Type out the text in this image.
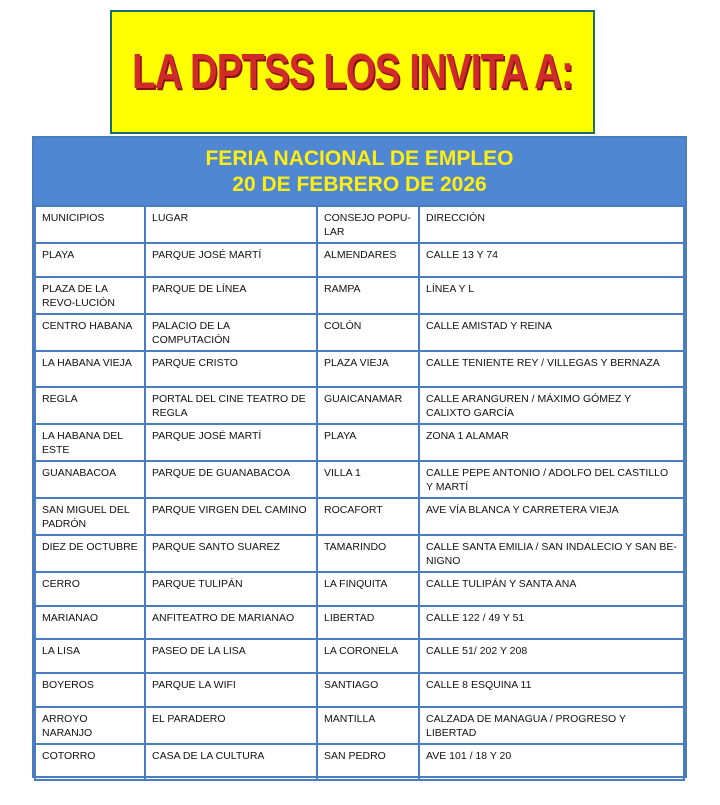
LA DPTSS LOS INVITA A:
FERIA NACIONAL DE EMPLEO
20 DE FEBRERO DE 2026
MUNICIPIOS	LUGAR	CONSEJO POPU-LAR	DIRECCIÓN
PLAYA	PARQUE JOSÉ MARTÍ	ALMENDARES	CALLE 13 Y 74
PLAZA DE LA REVO-LUCIÓN	PARQUE DE LÍNEA	RAMPA	LÍNEA Y L
CENTRO HABANA	PALACIO DE LA COMPUTACIÓN	COLÓN	CALLE AMISTAD Y REINA
LA HABANA VIEJA	PARQUE CRISTO	PLAZA VIEJA	CALLE TENIENTE REY / VILLEGAS Y BERNAZA
REGLA	PORTAL DEL CINE TEATRO DE REGLA	GUAICANAMAR	CALLE ARANGUREN / MÁXIMO GÓMEZ Y CALIXTO GARCÍA
LA HABANA DEL ESTE	PARQUE JOSÉ MARTÍ	PLAYA	ZONA 1 ALAMAR
GUANABACOA	PARQUE DE GUANABACOA	VILLA 1	CALLE PEPE ANTONIO / ADOLFO DEL CASTILLO Y MARTÍ
SAN MIGUEL DEL PADRÓN	PARQUE VIRGEN DEL CAMINO	ROCAFORT	AVE VÍA BLANCA Y CARRETERA VIEJA
DIEZ DE OCTUBRE	PARQUE SANTO SUAREZ	TAMARINDO	CALLE SANTA EMILIA / SAN INDALECIO Y SAN BE-NIGNO
CERRO	PARQUE TULIPÁN	LA FINQUITA	CALLE TULIPÁN Y SANTA ANA
MARIANAO	ANFITEATRO DE MARIANAO	LIBERTAD	CALLE 122 / 49 Y 51
LA LISA	PASEO DE LA LISA	LA CORONELA	CALLE 51/ 202 Y 208
BOYEROS	PARQUE LA WIFI	SANTIAGO	CALLE 8 ESQUINA 11
ARROYO NARANJO	EL PARADERO	MANTILLA	CALZADA DE MANAGUA / PROGRESO Y LIBERTAD
COTORRO	CASA DE LA CULTURA	SAN PEDRO	AVE 101 / 18 Y 20
